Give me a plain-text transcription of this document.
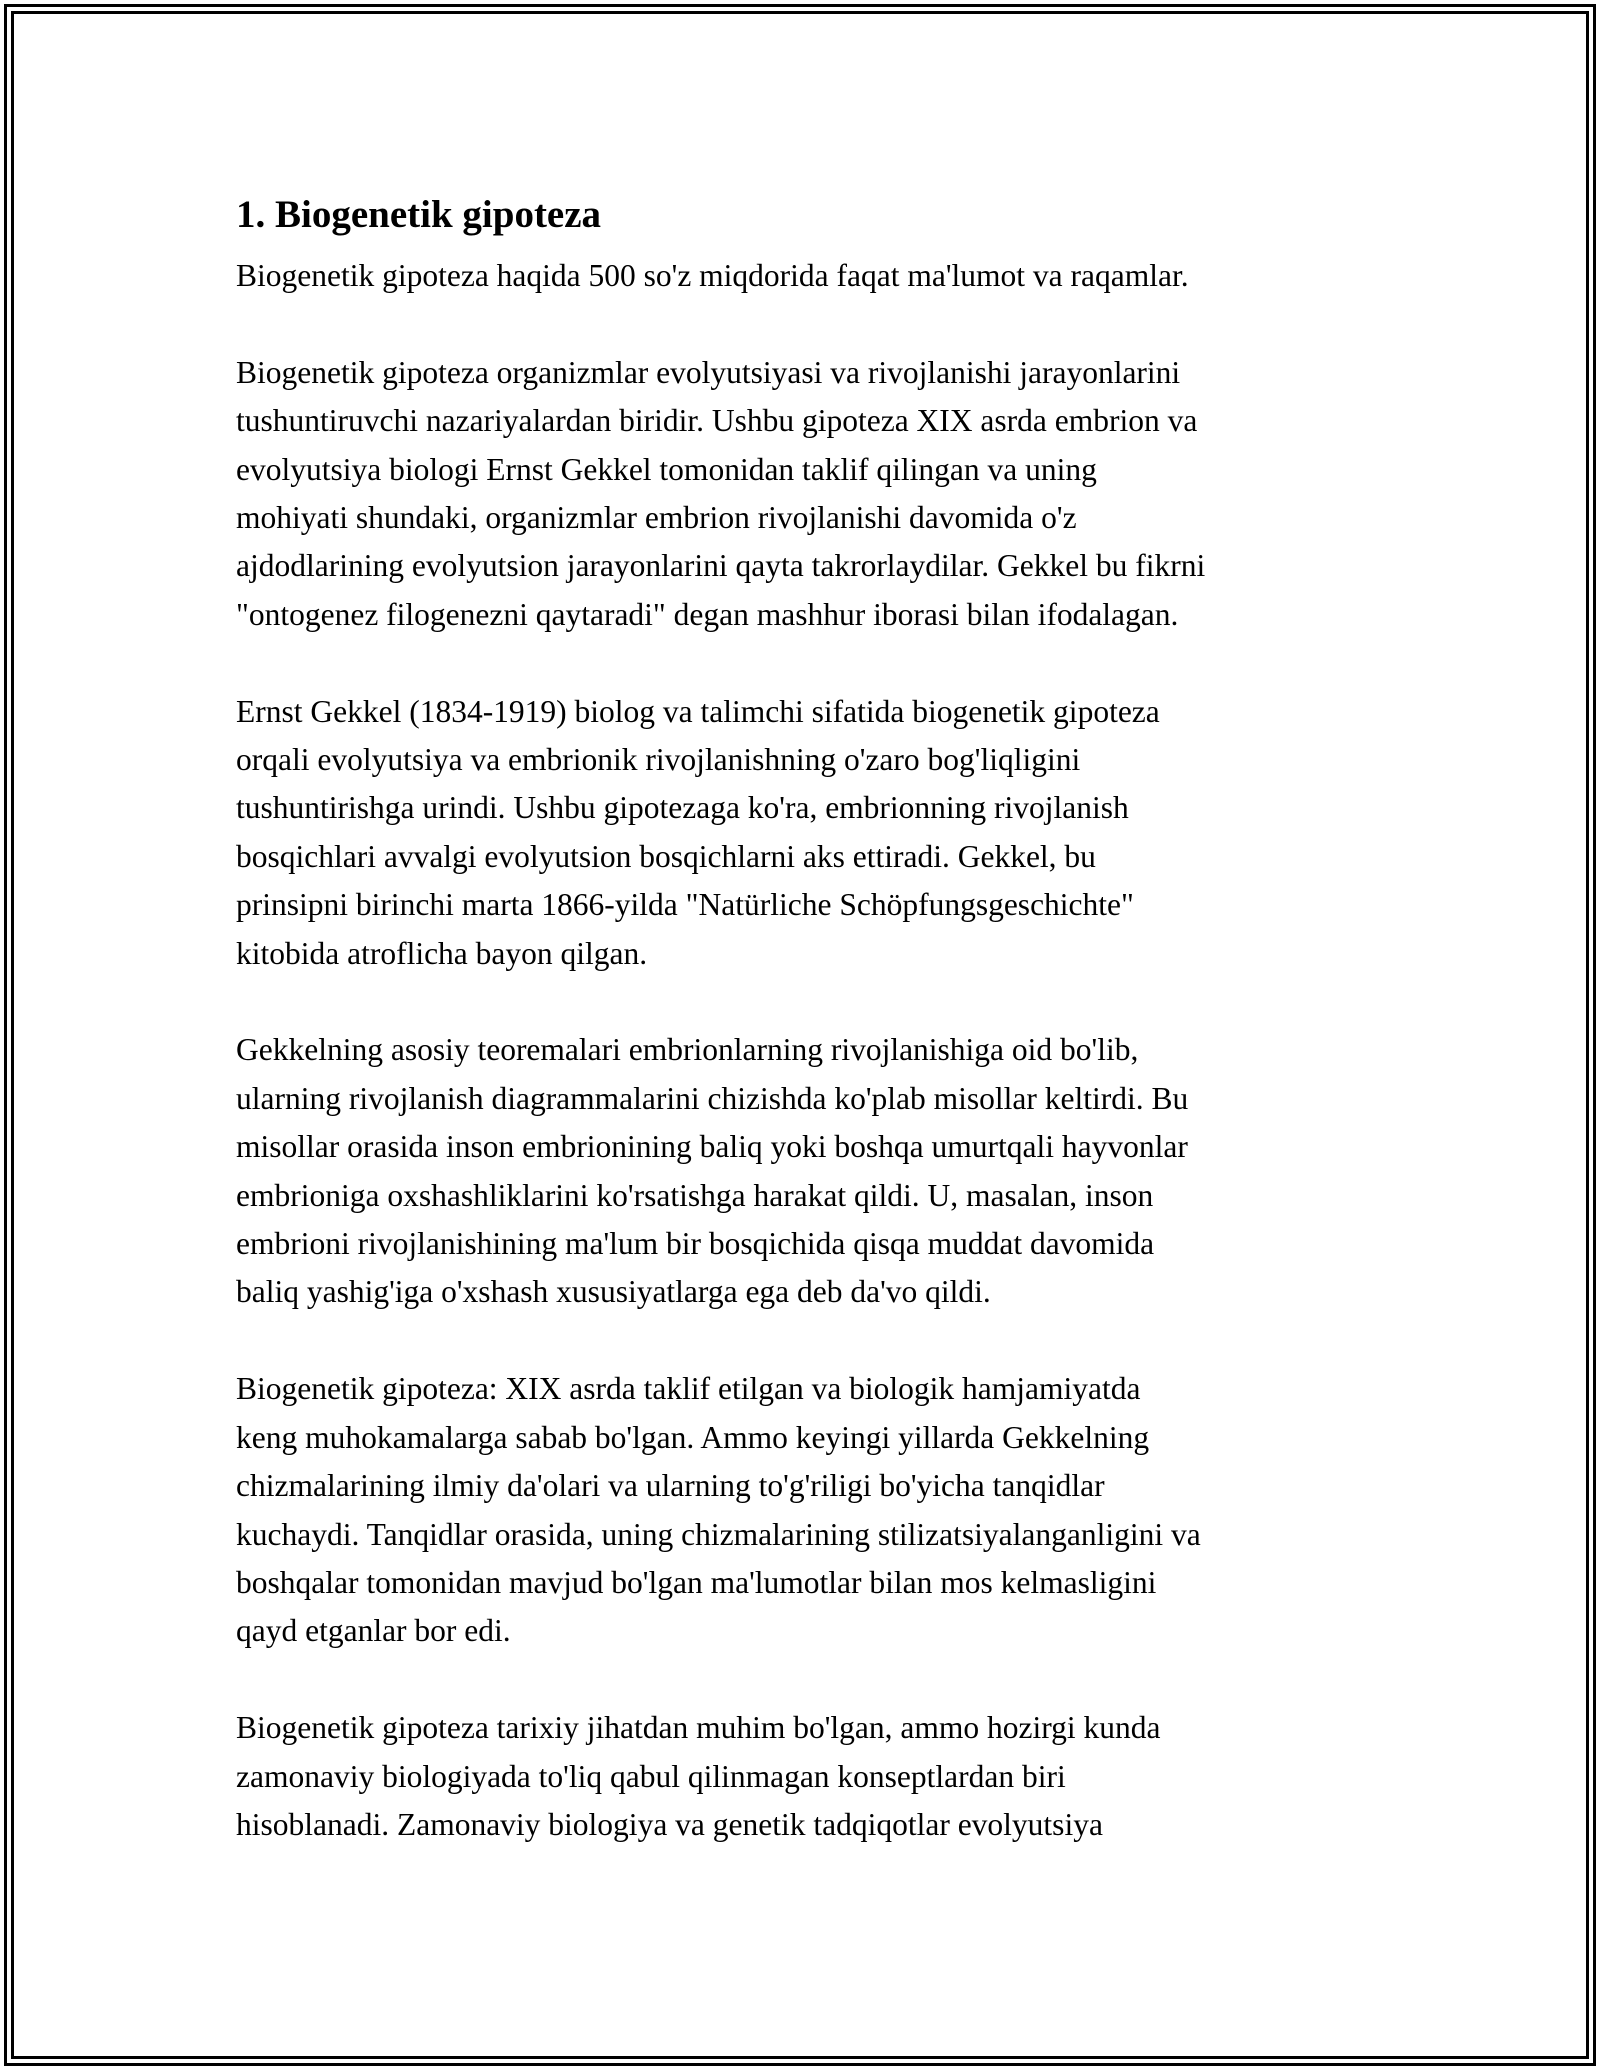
1. Biogenetik gipoteza

Biogenetik gipoteza haqida 500 so'z miqdorida faqat ma'lumot va raqamlar.

Biogenetik gipoteza organizmlar evolyutsiyasi va rivojlanishi jarayonlarini
tushuntiruvchi nazariyalardan biridir. Ushbu gipoteza XIX asrda embrion va
evolyutsiya biologi Ernst Gekkel tomonidan taklif qilingan va uning
mohiyati shundaki, organizmlar embrion rivojlanishi davomida o'z
ajdodlarining evolyutsion jarayonlarini qayta takrorlaydilar. Gekkel bu fikrni
"ontogenez filogenezni qaytaradi" degan mashhur iborasi bilan ifodalagan.

Ernst Gekkel (1834-1919) biolog va talimchi sifatida biogenetik gipoteza
orqali evolyutsiya va embrionik rivojlanishning o'zaro bog'liqligini
tushuntirishga urindi. Ushbu gipotezaga ko'ra, embrionning rivojlanish
bosqichlari avvalgi evolyutsion bosqichlarni aks ettiradi. Gekkel, bu
prinsipni birinchi marta 1866-yilda "Natürliche Schöpfungsgeschichte"
kitobida atroflicha bayon qilgan.

Gekkelning asosiy teoremalari embrionlarning rivojlanishiga oid bo'lib,
ularning rivojlanish diagrammalarini chizishda ko'plab misollar keltirdi. Bu
misollar orasida inson embrionining baliq yoki boshqa umurtqali hayvonlar
embrioniga oxshashliklarini ko'rsatishga harakat qildi. U, masalan, inson
embrioni rivojlanishining ma'lum bir bosqichida qisqa muddat davomida
baliq yashig'iga o'xshash xususiyatlarga ega deb da'vo qildi.

Biogenetik gipoteza: XIX asrda taklif etilgan va biologik hamjamiyatda
keng muhokamalarga sabab bo'lgan. Ammo keyingi yillarda Gekkelning
chizmalarining ilmiy da'olari va ularning to'g'riligi bo'yicha tanqidlar
kuchaydi. Tanqidlar orasida, uning chizmalarining stilizatsiyalanganligini va
boshqalar tomonidan mavjud bo'lgan ma'lumotlar bilan mos kelmasligini
qayd etganlar bor edi.

Biogenetik gipoteza tarixiy jihatdan muhim bo'lgan, ammo hozirgi kunda
zamonaviy biologiyada to'liq qabul qilinmagan konseptlardan biri
hisoblanadi. Zamonaviy biologiya va genetik tadqiqotlar evolyutsiya
